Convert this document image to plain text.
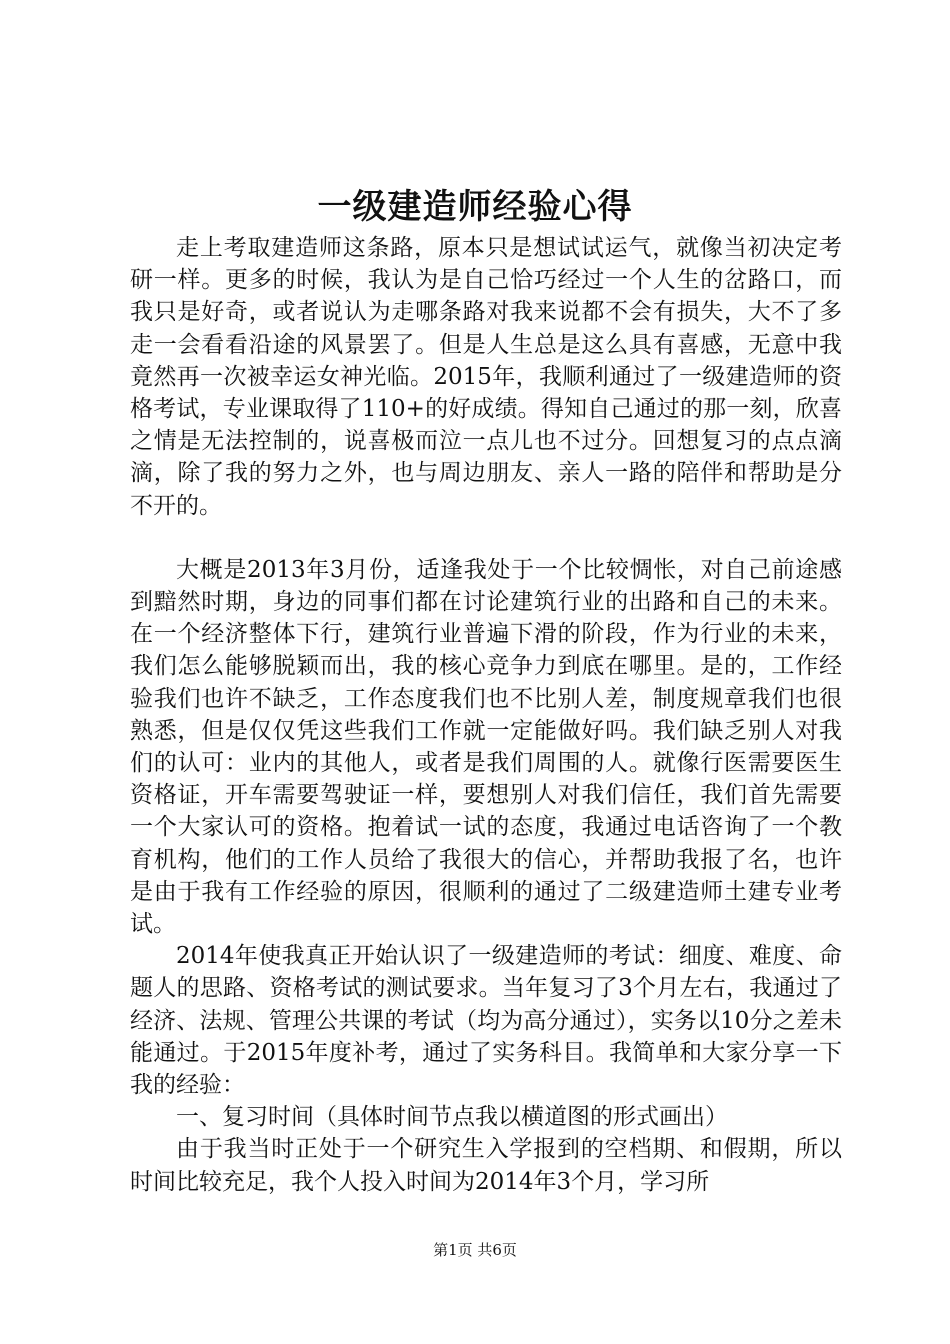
一级建造师经验心得

走上考取建造师这条路，原本只是想试试运气，就像当初决定考研一样。更多的时候，我认为是自己恰巧经过一个人生的岔路口，而我只是好奇，或者说认为走哪条路对我来说都不会有损失，大不了多走一会看看沿途的风景罢了。但是人生总是这么具有喜感，无意中我竟然再一次被幸运女神光临。2015年，我顺利通过了一级建造师的资格考试，专业课取得了110+的好成绩。得知自己通过的那一刻，欣喜之情是无法控制的，说喜极而泣一点儿也不过分。回想复习的点点滴滴，除了我的努力之外，也与周边朋友、亲人一路的陪伴和帮助是分不开的。

大概是2013年3月份，适逢我处于一个比较惆怅，对自己前途感到黯然时期，身边的同事们都在讨论建筑行业的出路和自己的未来。在一个经济整体下行，建筑行业普遍下滑的阶段，作为行业的未来，我们怎么能够脱颖而出，我的核心竞争力到底在哪里。是的，工作经验我们也许不缺乏，工作态度我们也不比别人差，制度规章我们也很熟悉，但是仅仅凭这些我们工作就一定能做好吗。我们缺乏别人对我们的认可：业内的其他人，或者是我们周围的人。就像行医需要医生资格证，开车需要驾驶证一样，要想别人对我们信任，我们首先需要一个大家认可的资格。抱着试一试的态度，我通过电话咨询了一个教育机构，他们的工作人员给了我很大的信心，并帮助我报了名，也许是由于我有工作经验的原因，很顺利的通过了二级建造师土建专业考试。

2014年使我真正开始认识了一级建造师的考试：细度、难度、命题人的思路、资格考试的测试要求。当年复习了3个月左右，我通过了经济、法规、管理公共课的考试（均为高分通过），实务以10分之差未能通过。于2015年度补考，通过了实务科目。我简单和大家分享一下我的经验：

一、复习时间（具体时间节点我以横道图的形式画出）

由于我当时正处于一个研究生入学报到的空档期、和假期，所以时间比较充足，我个人投入时间为2014年3个月，学习所

第1页 共6页
